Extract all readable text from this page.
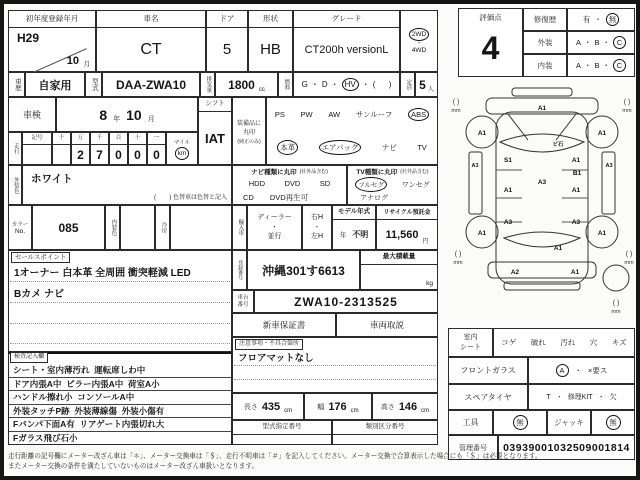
初年度登録年月
H29
10 月
車名
CT
ドア
5
形状
HB
グレード
CT200h versionL
2WD
・
4WD
車歴	自家用	型式	DAA-ZWA10	排気量 1800 cc	燃料 G ・ D ・ HV ・ (      )	定員 5 人
車検	8 年 10 月
シフト
IAT
装備品に
丸印
(純正のみ)
PS PW AW サンルーフ	ABS
本革	エアバッグ	ナビ	TV
走行
記号	十	万
2
千
7
百
0
十
0
一
0
マイル
km
外装色 ホワイト
(        ) 色替車は色替と記入
ナビ種類に丸印 (社外品含む)
HDD	DVD	SD
CD DVD再生可
TV種類に丸印 (社外品含む)
フルセグ	ワンセグ
アナログ
カラー
No.	085	内装色	冷房	輸入車
ディーラー
・
並行
右H
・
左H
モデル年式
年 不明
リサイクル預託金
11,560
円
セールスポイント
1オーナー 白本革 全周囲 衝突軽減 LED
Bカメ ナビ
登録番号	沖縄301す6613
最大積載量
kg
車台
番号	ZWA10-2313525
新車保証書	車両取説
注意事項・不具合箇所
フロアマットなし
長さ 435 cm	幅 176 cm	高さ 146 cm
型式指定番号	類別区分番号
シート・室内薄汚れ  運転席しわ中
ドア内張A中  ピラー内張A中  荷室A小
ハンドル擦れ小  コンソールA中
外装タッチP跡  外装薄線傷  外装小傷有
Fバンパ下面A有  リアゲート内張切れ大
Fガラス飛び石小
検査記入欄
評価点
4
修復歴	有 ・ 無
外装	A ・ B ・ C
内装	A ・ B ・ C
A1
A1	A1
S1	A1
B1
A3	A3
A3
A1	A1
A3	A3
A1	A1
A1
A2	A1
ビ石
( )
mm
( )
mm
( )
mm
( )
mm
( )
mm
室内
シート	コゲ 破れ 汚れ 穴 キズ
フロントガラス	A	・ ×要ス
スペアタイヤ	T ・ 修理KIT ・ 欠
工具	無	ジャッキ	無
管理番号	03939001032509001814
走行距離の記号欄にメーター改ざん車は「＊」、メーター交換車は「＄」、走行不明車は「＃」を記入してください。メーター交換で合算表示した場合にも「＄」は必要となります。
またメーター交換の条件を満たしていないものはメーター改ざん車扱いとなります。
